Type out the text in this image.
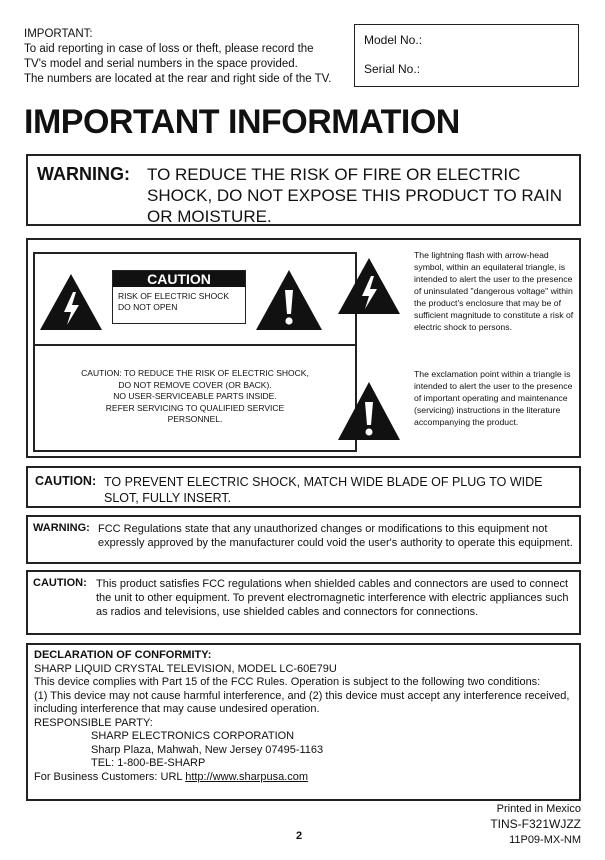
IMPORTANT:
To aid reporting in case of loss or theft, please record the
TV's model and serial numbers in the space provided.
The numbers are located at the rear and right side of the TV.
Model No.:
Serial No.:
IMPORTANT INFORMATION
WARNING: TO REDUCE THE RISK OF FIRE OR ELECTRIC SHOCK, DO NOT EXPOSE THIS PRODUCT TO RAIN OR MOISTURE.
CAUTION
RISK OF ELECTRIC SHOCK
DO NOT OPEN
CAUTION: TO REDUCE THE RISK OF ELECTRIC SHOCK,
DO NOT REMOVE COVER (OR BACK).
NO USER-SERVICEABLE PARTS INSIDE.
REFER SERVICING TO QUALIFIED SERVICE
PERSONNEL.
The lightning flash with arrow-head symbol, within an equilateral triangle, is intended to alert the user to the presence of uninsulated "dangerous voltage" within the product's enclosure that may be of sufficient magnitude to constitute a risk of electric shock to persons.
The exclamation point within a triangle is intended to alert the user to the presence of important operating and maintenance (servicing) instructions in the literature accompanying the product.
CAUTION: TO PREVENT ELECTRIC SHOCK, MATCH WIDE BLADE OF PLUG TO WIDE SLOT, FULLY INSERT.
WARNING: FCC Regulations state that any unauthorized changes or modifications to this equipment not expressly approved by the manufacturer could void the user's authority to operate this equipment.
CAUTION: This product satisfies FCC regulations when shielded cables and connectors are used to connect the unit to other equipment. To prevent electromagnetic interference with electric appliances such as radios and televisions, use shielded cables and connectors for connections.
DECLARATION OF CONFORMITY:
SHARP LIQUID CRYSTAL TELEVISION, MODEL LC-60E79U
This device complies with Part 15 of the FCC Rules. Operation is subject to the following two conditions:
(1) This device may not cause harmful interference, and (2) this device must accept any interference received, including interference that may cause undesired operation.
RESPONSIBLE PARTY:
SHARP ELECTRONICS CORPORATION
Sharp Plaza, Mahwah, New Jersey 07495-1163
TEL: 1-800-BE-SHARP
For Business Customers: URL http://www.sharpusa.com
Printed in Mexico
TINS-F321WJZZ
2	11P09-MX-NM
